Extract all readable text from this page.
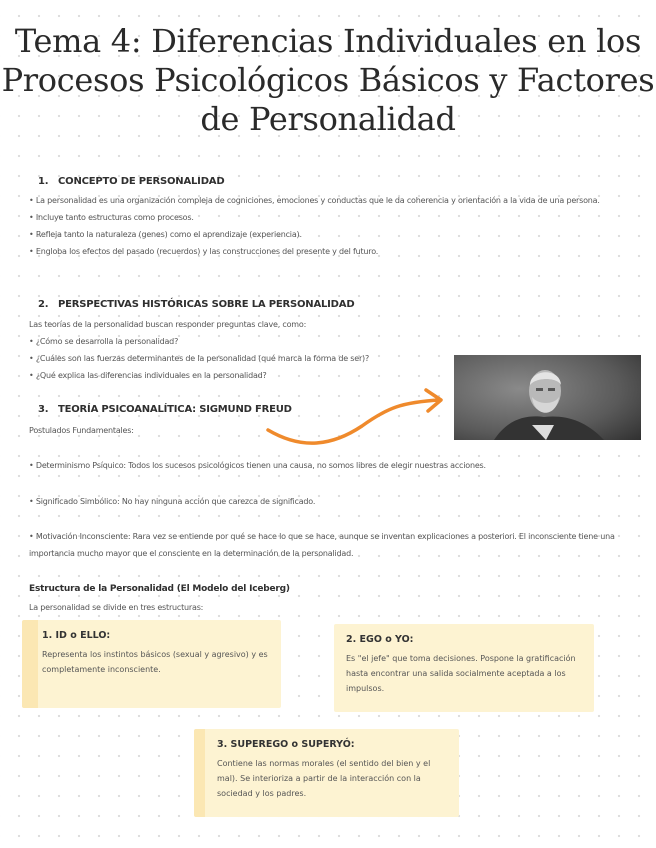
Tema 4: Diferencias Individuales en los Procesos Psicológicos Básicos y Factores de Personalidad
1. CONCEPTO DE PERSONALIDAD
• La personalidad es una organización compleja de cogniciones, emociones y conductas que le da coherencia y orientación a la vida de una persona.
• Incluye tanto estructuras como procesos.
• Refleja tanto la naturaleza (genes) como el aprendizaje (experiencia).
• Engloba los efectos del pasado (recuerdos) y las construcciones del presente y del futuro.
2. PERSPECTIVAS HISTÓRICAS SOBRE LA PERSONALIDAD
Las teorías de la personalidad buscan responder preguntas clave, como:
• ¿Cómo se desarrolla la personalidad?
• ¿Cuáles son las fuerzas determinantes de la personalidad (qué marca la forma de ser)?
• ¿Qué explica las diferencias individuales en la personalidad?
3. TEORÍA PSICOANALÍTICA: SIGMUND FREUD
Postulados Fundamentales:
• Determinismo Psíquico: Todos los sucesos psicológicos tienen una causa, no somos libres de elegir nuestras acciones.
• Significado Simbólico: No hay ninguna acción que carezca de significado.
• Motivación Inconsciente: Rara vez se entiende por qué se hace lo que se hace, aunque se inventan explicaciones a posteriori. El inconsciente tiene una importancia mucho mayor que el consciente en la determinación de la personalidad.
Estructura de la Personalidad (El Modelo del Iceberg)
La personalidad se divide en tres estructuras:
1. ID o ELLO:
Representa los instintos básicos (sexual y agresivo) y es completamente inconsciente.
2. EGO o YO:
Es "el jefe" que toma decisiones. Pospone la gratificación hasta encontrar una salida socialmente aceptada a los impulsos.
3. SUPEREGO o SUPERYÓ:
Contiene las normas morales (el sentido del bien y el mal). Se interioriza a partir de la interacción con la sociedad y los padres.
